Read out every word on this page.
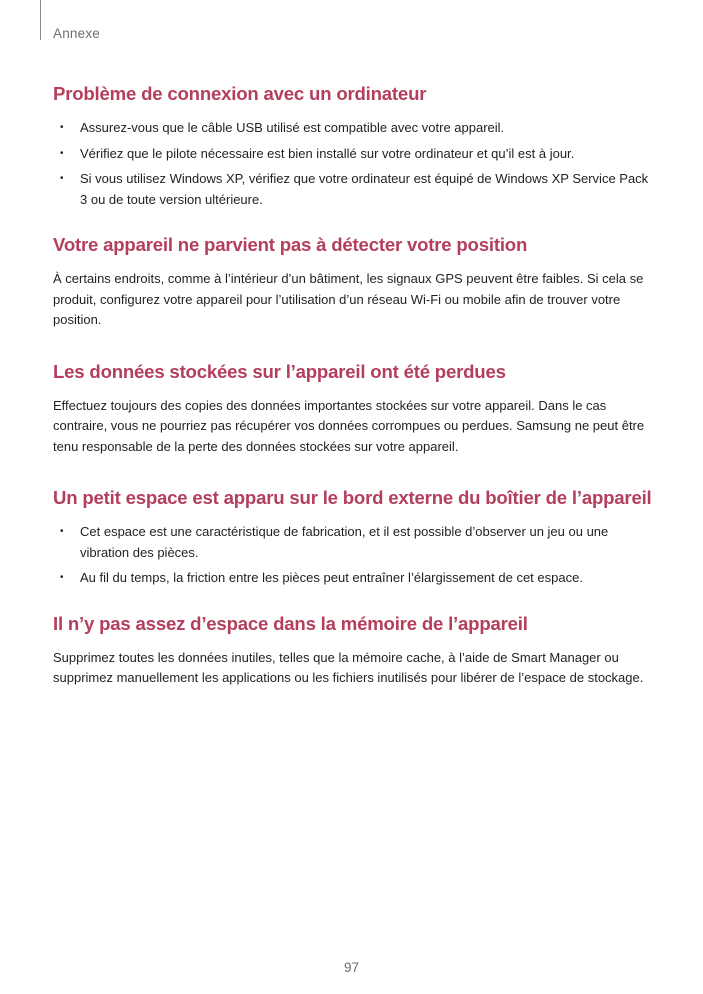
Annexe
Problème de connexion avec un ordinateur
• Assurez-vous que le câble USB utilisé est compatible avec votre appareil.
• Vérifiez que le pilote nécessaire est bien installé sur votre ordinateur et qu’il est à jour.
• Si vous utilisez Windows XP, vérifiez que votre ordinateur est équipé de Windows XP Service Pack 3 ou de toute version ultérieure.
Votre appareil ne parvient pas à détecter votre position

À certains endroits, comme à l’intérieur d’un bâtiment, les signaux GPS peuvent être faibles. Si cela se produit, configurez votre appareil pour l’utilisation d’un réseau Wi-Fi ou mobile afin de trouver votre position.

Les données stockées sur l’appareil ont été perdues

Effectuez toujours des copies des données importantes stockées sur votre appareil. Dans le cas contraire, vous ne pourriez pas récupérer vos données corrompues ou perdues. Samsung ne peut être tenu responsable de la perte des données stockées sur votre appareil.

Un petit espace est apparu sur le bord externe du boîtier de l’appareil
• Cet espace est une caractéristique de fabrication, et il est possible d’observer un jeu ou une vibration des pièces.
• Au fil du temps, la friction entre les pièces peut entraîner l’élargissement de cet espace.
Il n’y pas assez d’espace dans la mémoire de l’appareil

Supprimez toutes les données inutiles, telles que la mémoire cache, à l’aide de Smart Manager ou supprimez manuellement les applications ou les fichiers inutilisés pour libérer de l’espace de stockage.

97
